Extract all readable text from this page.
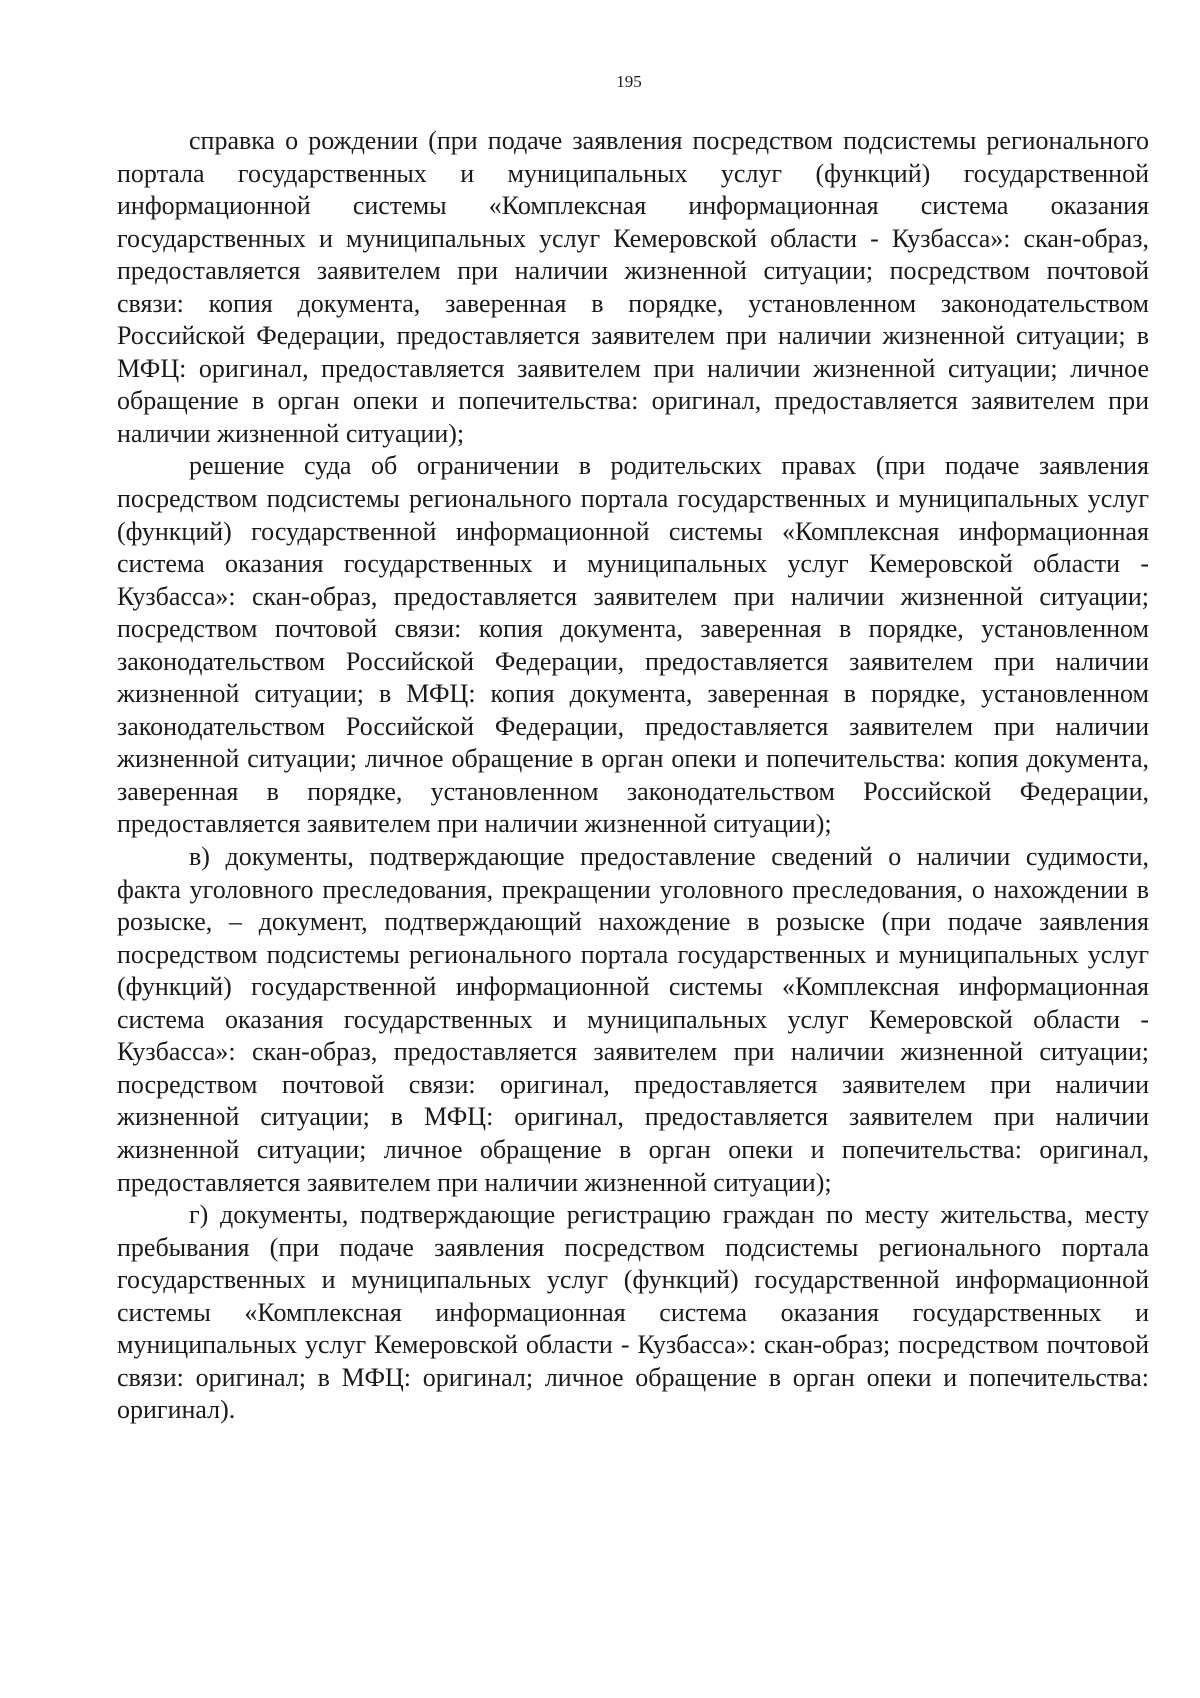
195

справка о рождении (при подаче заявления посредством подсистемы регионального портала государственных и муниципальных услуг (функций) государственной информационной системы «Комплексная информационная система оказания государственных и муниципальных услуг Кемеровской области - Кузбасса»: скан-образ, предоставляется заявителем при наличии жизненной ситуации; посредством почтовой связи: копия документа, заверенная в порядке, установленном законодательством Российской Федерации, предоставляется заявителем при наличии жизненной ситуации; в МФЦ: оригинал, предоставляется заявителем при наличии жизненной ситуации; личное обращение в орган опеки и попечительства: оригинал, предоставляется заявителем при наличии жизненной ситуации);

решение суда об ограничении в родительских правах (при подаче заявления посредством подсистемы регионального портала государственных и муниципальных услуг (функций) государственной информационной системы «Комплексная информационная система оказания государственных и муниципальных услуг Кемеровской области - Кузбасса»: скан-образ, предоставляется заявителем при наличии жизненной ситуации; посредством почтовой связи: копия документа, заверенная в порядке, установленном законодательством Российской Федерации, предоставляется заявителем при наличии жизненной ситуации; в МФЦ: копия документа, заверенная в порядке, установленном законодательством Российской Федерации, предоставляется заявителем при наличии жизненной ситуации; личное обращение в орган опеки и попечительства: копия документа, заверенная в порядке, установленном законодательством Российской Федерации, предоставляется заявителем при наличии жизненной ситуации);

в) документы, подтверждающие предоставление сведений о наличии судимости, факта уголовного преследования, прекращении уголовного преследования, о нахождении в розыске, – документ, подтверждающий нахождение в розыске (при подаче заявления посредством подсистемы регионального портала государственных и муниципальных услуг (функций) государственной информационной системы «Комплексная информационная система оказания государственных и муниципальных услуг Кемеровской области - Кузбасса»: скан-образ, предоставляется заявителем при наличии жизненной ситуации; посредством почтовой связи: оригинал, предоставляется заявителем при наличии жизненной ситуации; в МФЦ: оригинал, предоставляется заявителем при наличии жизненной ситуации; личное обращение в орган опеки и попечительства: оригинал, предоставляется заявителем при наличии жизненной ситуации);

г) документы, подтверждающие регистрацию граждан по месту жительства, месту пребывания (при подаче заявления посредством подсистемы регионального портала государственных и муниципальных услуг (функций) государственной информационной системы «Комплексная информационная система оказания государственных и муниципальных услуг Кемеровской области - Кузбасса»: скан-образ; посредством почтовой связи: оригинал; в МФЦ: оригинал; личное обращение в орган опеки и попечительства: оригинал).
